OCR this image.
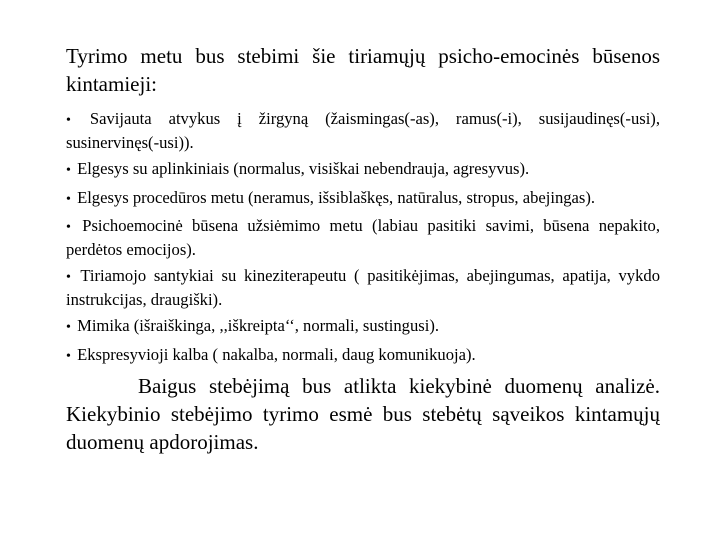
Tyrimo metu bus stebimi šie tiriamųjų psicho-emocinės būsenos kintamieji:

• Savijauta atvykus į žirgyną (žaismingas(-as), ramus(-i), susijaudinęs(-usi), susinervinęs(-usi)).
• Elgesys su aplinkiniais (normalus, visiškai nebendrauja, agresyvus).
• Elgesys procedūros metu (neramus, išsiblaškęs, natūralus, stropus, abejingas).
• Psichoemocinė būsena užsiėmimo metu (labiau pasitiki savimi, būsena nepakito, perdėtos emocijos).
• Tiriamojo santykiai su kineziterapeutu ( pasitikėjimas, abejingumas, apatija, vykdo instrukcijas, draugiški).
• Mimika (išraiškinga, ,,iškreipta‘‘, normali, sustingusi).
• Ekspresyvioji kalba ( nakalba, normali, daug komunikuoja).

Baigus stebėjimą bus atlikta kiekybinė duomenų analizė. Kiekybinio stebėjimo tyrimo esmė bus stebėtų sąveikos kintamųjų duomenų apdorojimas.
